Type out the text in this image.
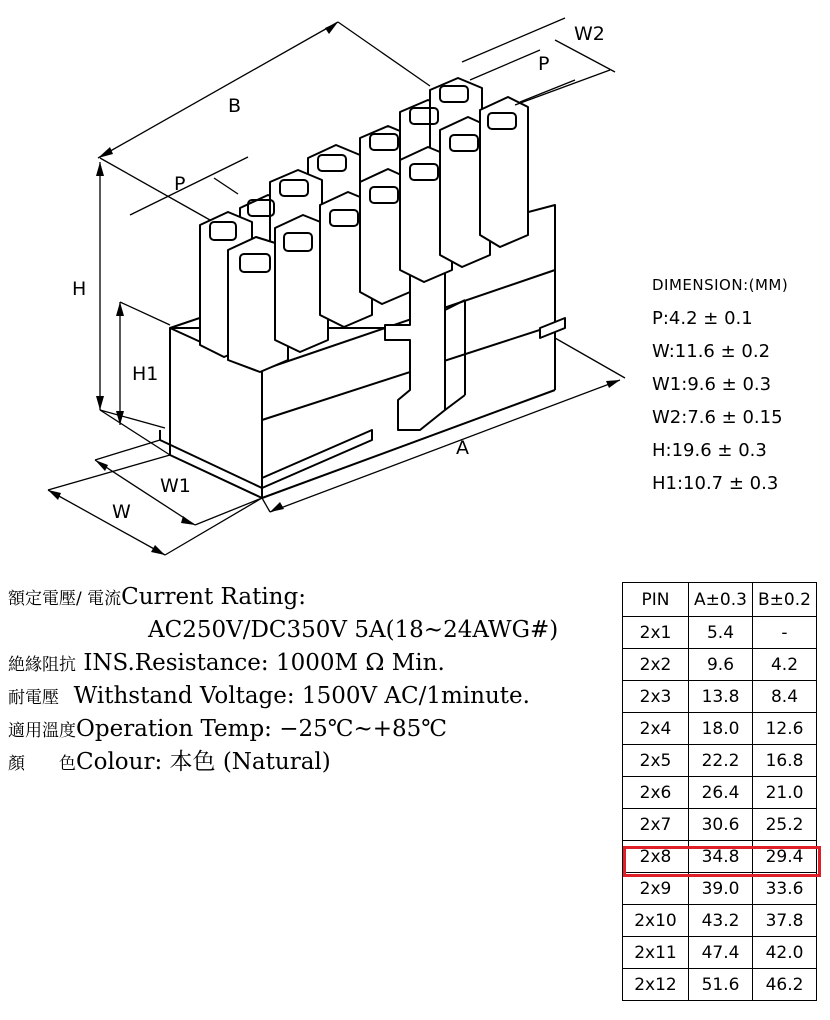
B
W2
P
P
H
H1
A
W1
W
DIMENSION:(MM)
P:4.2 ± 0.1
W:11.6 ± 0.2
W1:9.6 ± 0.3
W2:7.6 ± 0.15
H:19.6 ± 0.3
H1:10.7 ± 0.3
額定電壓/ 電流Current Rating:
AC250V/DC350V 5A(18~24AWG#)
絶緣阻抗 INS.Resistance: 1000M Ω Min.
耐電壓 Withstand Voltage: 1500V AC/1minute.
適用溫度Operation Temp: −25℃~+85℃
顏　　色Colour: 本色 (Natural)
PIN	A±0.3	B±0.2
2x1	5.4	-
2x2	9.6	4.2
2x3	13.8	8.4
2x4	18.0	12.6
2x5	22.2	16.8
2x6	26.4	21.0
2x7	30.6	25.2
2x8	34.8	29.4
2x9	39.0	33.6
2x10	43.2	37.8
2x11	47.4	42.0
2x12	51.6	46.2
